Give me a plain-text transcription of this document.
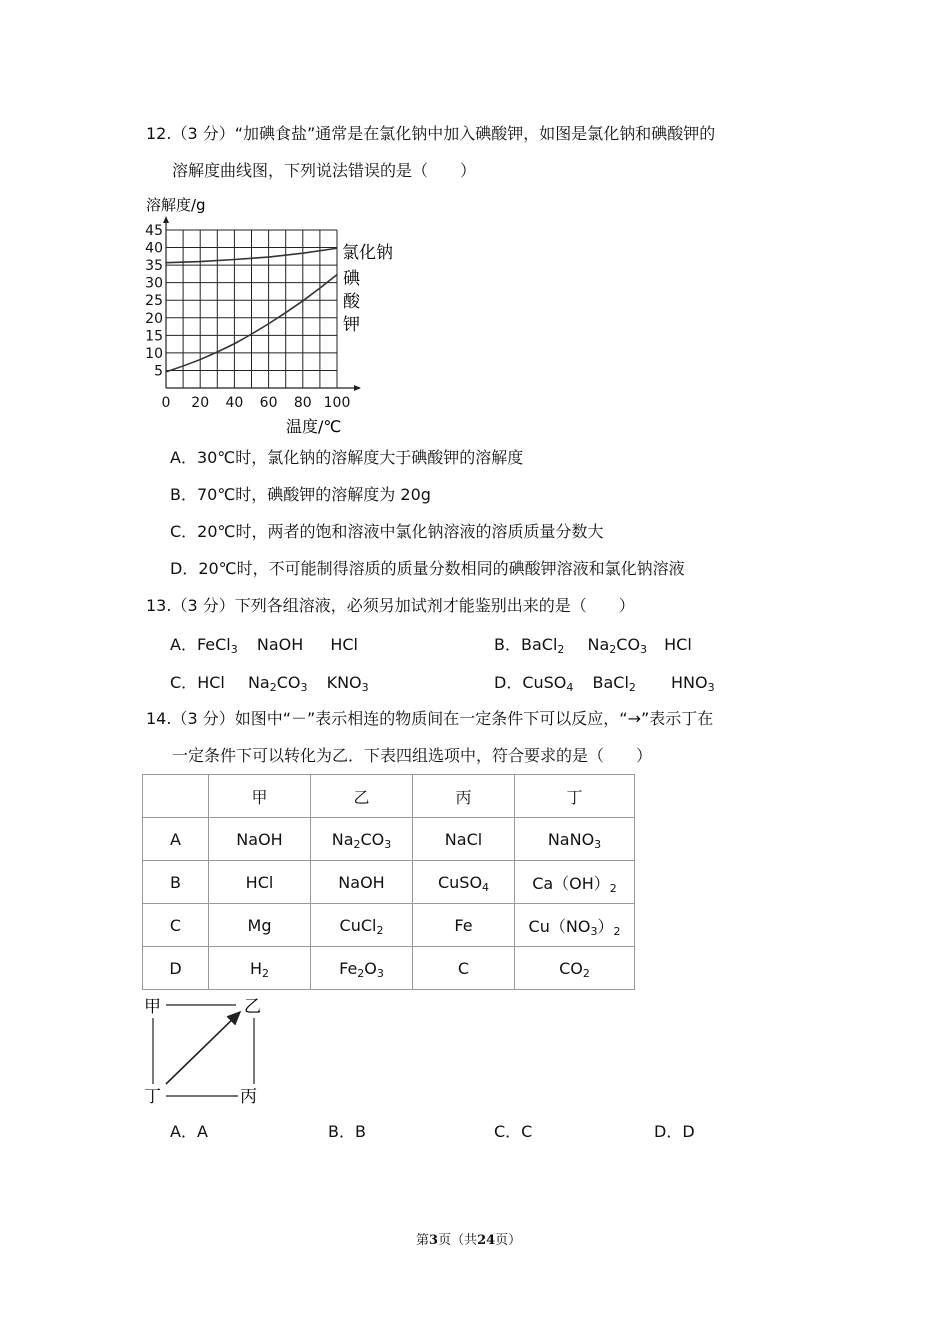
12.（3 分）“加碘食盐”通常是在氯化钠中加入碘酸钾，如图是氯化钠和碘酸钾的
溶解度曲线图，下列说法错误的是（　　）
0 20 40 60 80 100
5
10
15
20
25
30
35
40
45
溶解度/g
温度/℃
氯化钠
碘
酸
钾
A．30℃时，氯化钠的溶解度大于碘酸钾的溶解度
B．70℃时，碘酸钾的溶解度为 20g
C．20℃时，两者的饱和溶液中氯化钠溶液的溶质质量分数大
D．20℃时，不可能制得溶质的质量分数相同的碘酸钾溶液和氯化钠溶液
13.（3 分）下列各组溶液，必须另加试剂才能鉴别出来的是（　　）
A．FeCl$_3$ NaOH HCl	B．BaCl$_2$ $Na_2CO_3$ HCl
C．HCl $Na_2CO_3$ $KNO_3$	D．CuSO$_4$ BaCl$_2$ $HNO_3$
14.（3 分）如图中“－”表示相连的物质间在一定条件下可以反应，“→”表示丁在
一定条件下可以转化为乙．下表四组选项中，符合要求的是（　　）
	甲	乙	丙	丁
A	NaOH	$Na_2CO_3$	NaCl	NaNO$_3$
B	HCl	NaOH	CuSO$_4$	$Ca(OH)_2$
C	Mg	CuCl$_2$	Fe	$Cu(NO_3)_2$
D	$H_2$	$Fe_2O_3$	C	$CO_2$
甲	乙
丁	丙
A．A	B．B	C．C	D．D
第3页（共24页）
